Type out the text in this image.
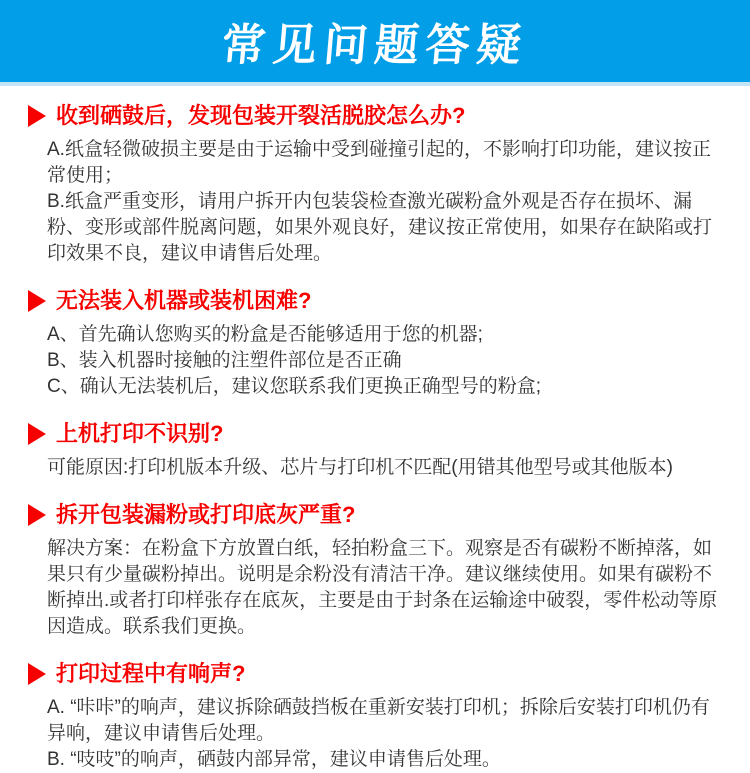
常见问题答疑
收到硒鼓后，发现包装开裂活脱胶怎么办?

A.纸盒轻微破损主要是由于运输中受到碰撞引起的，不影响打印功能，建议按正常使用；

B.纸盒严重变形，请用户拆开内包装袋检查激光碳粉盒外观是否存在损坏、漏粉、变形或部件脱离问题，如果外观良好，建议按正常使用，如果存在缺陷或打印效果不良，建议申请售后处理。

无法装入机器或装机困难?

A、首先确认您购买的粉盒是否能够适用于您的机器;

B、装入机器时接触的注塑件部位是否正确

C、确认无法装机后，建议您联系我们更换正确型号的粉盒;

上机打印不识别?

可能原因:打印机版本升级、芯片与打印机不匹配(用错其他型号或其他版本)

拆开包装漏粉或打印底灰严重?

解决方案：在粉盒下方放置白纸，轻拍粉盒三下。观察是否有碳粉不断掉落，如果只有少量碳粉掉出。说明是余粉没有清洁干净。建议继续使用。如果有碳粉不断掉出.或者打印样张存在底灰，主要是由于封条在运输途中破裂，零件松动等原因造成。联系我们更换。

打印过程中有响声?

A. “咔咔”的响声，建议拆除硒鼓挡板在重新安装打印机；拆除后安装打印机仍有异响，建议申请售后处理。

B. “吱吱”的响声，硒鼓内部异常，建议申请售后处理。
